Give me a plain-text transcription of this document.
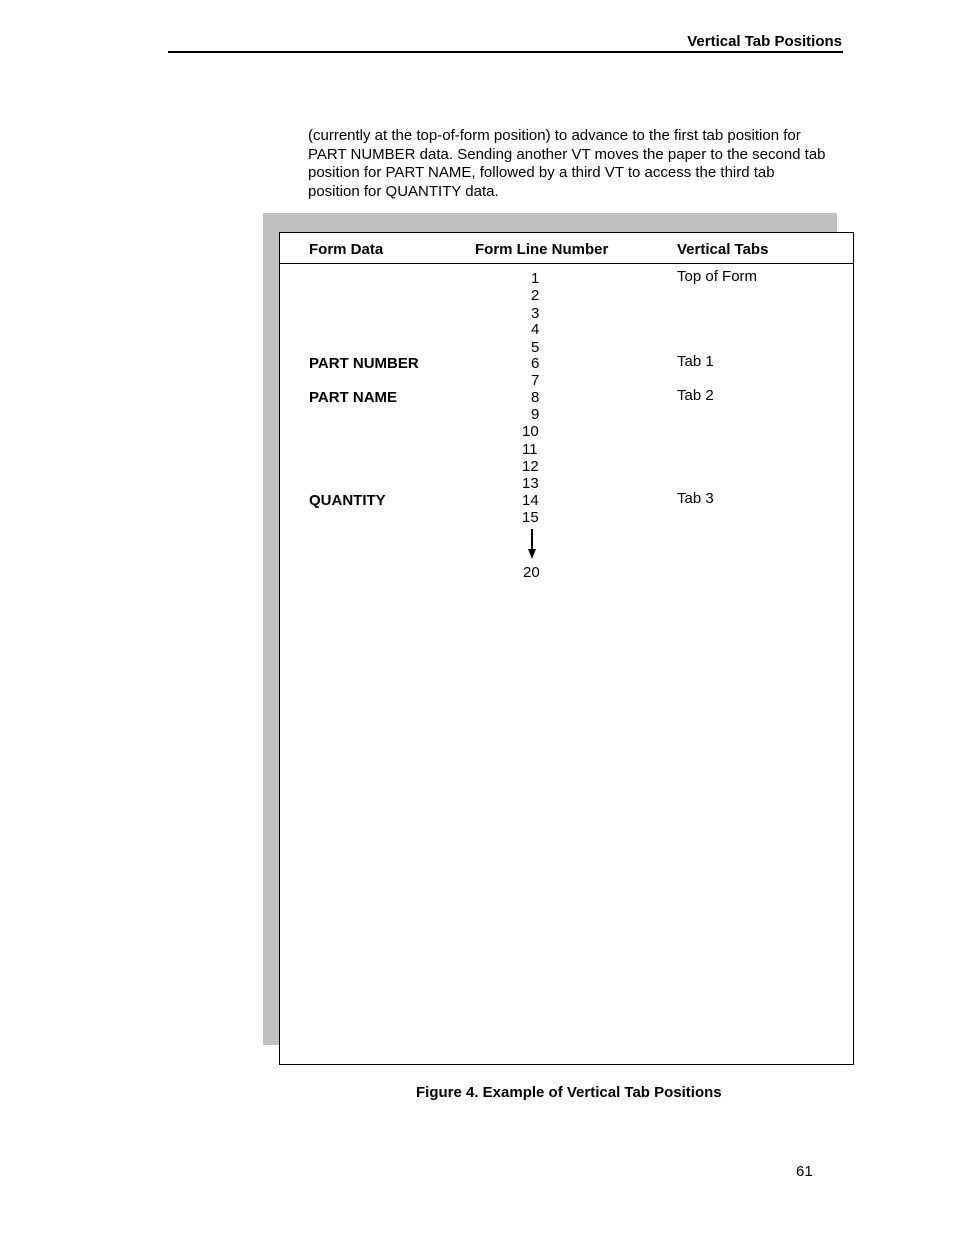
Vertical Tab Positions

(currently at the top-of-form position) to advance to the first tab position for PART NUMBER data. Sending another VT moves the paper to the second tab position for PART NAME, followed by a third VT to access the third tab position for QUANTITY data.

Form Data	Form Line Number	Vertical Tabs
1
2
3
4
5
6
7
8
9
10
11
12
13
14
15
PART NUMBER
PART NAME
QUANTITY
Top of Form
Tab 1
Tab 2
Tab 3
20
Figure 4. Example of Vertical Tab Positions
61
